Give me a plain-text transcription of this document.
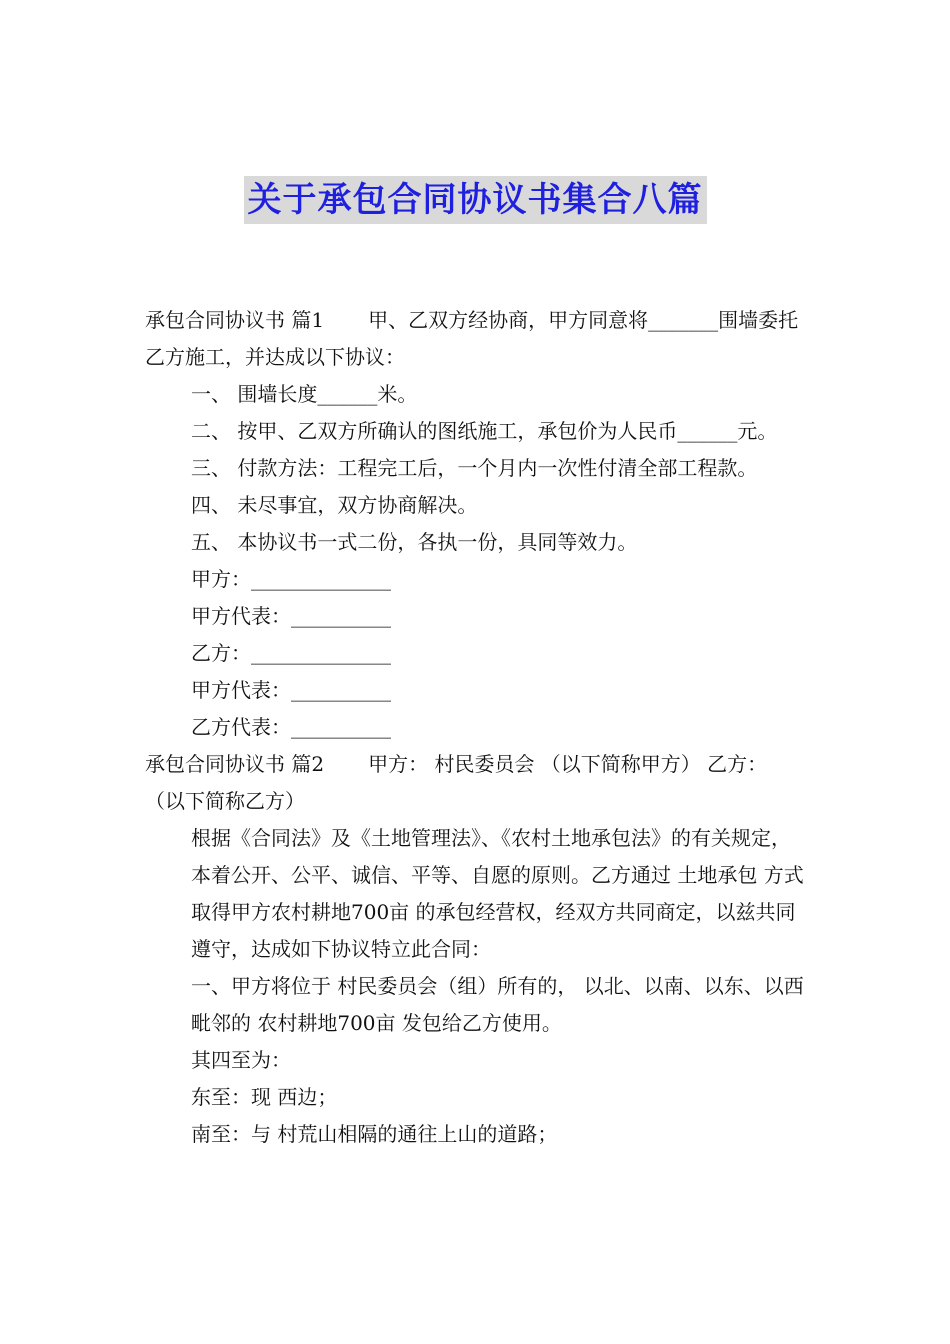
关于承包合同协议书集合八篇

承包合同协议书 篇1 甲、乙双方经协商，甲方同意将_______围墙委托乙方施工，并达成以下协议：

一、 围墙长度______米。

二、 按甲、乙双方所确认的图纸施工，承包价为人民币______元。

三、 付款方法：工程完工后，一个月内一次性付清全部工程款。

四、 未尽事宜，双方协商解决。

五、 本协议书一式二份，各执一份，具同等效力。

甲方：______________

甲方代表：__________

乙方：______________

甲方代表：__________

乙方代表：__________

承包合同协议书 篇2 甲方： 村民委员会 （以下简称甲方） 乙方： （以下简称乙方）

根据《合同法》及《土地管理法》、《农村土地承包法》的有关规定，本着公开、公平、诚信、平等、自愿的原则。乙方通过 土地承包 方式取得甲方农村耕地700亩 的承包经营权，经双方共同商定，以兹共同遵守，达成如下协议特立此合同：

一、甲方将位于 村民委员会（组）所有的， 以北、以南、以东、以西毗邻的 农村耕地700亩 发包给乙方使用。

其四至为：

东至：现 西边；

南至：与 村荒山相隔的通往上山的道路；
